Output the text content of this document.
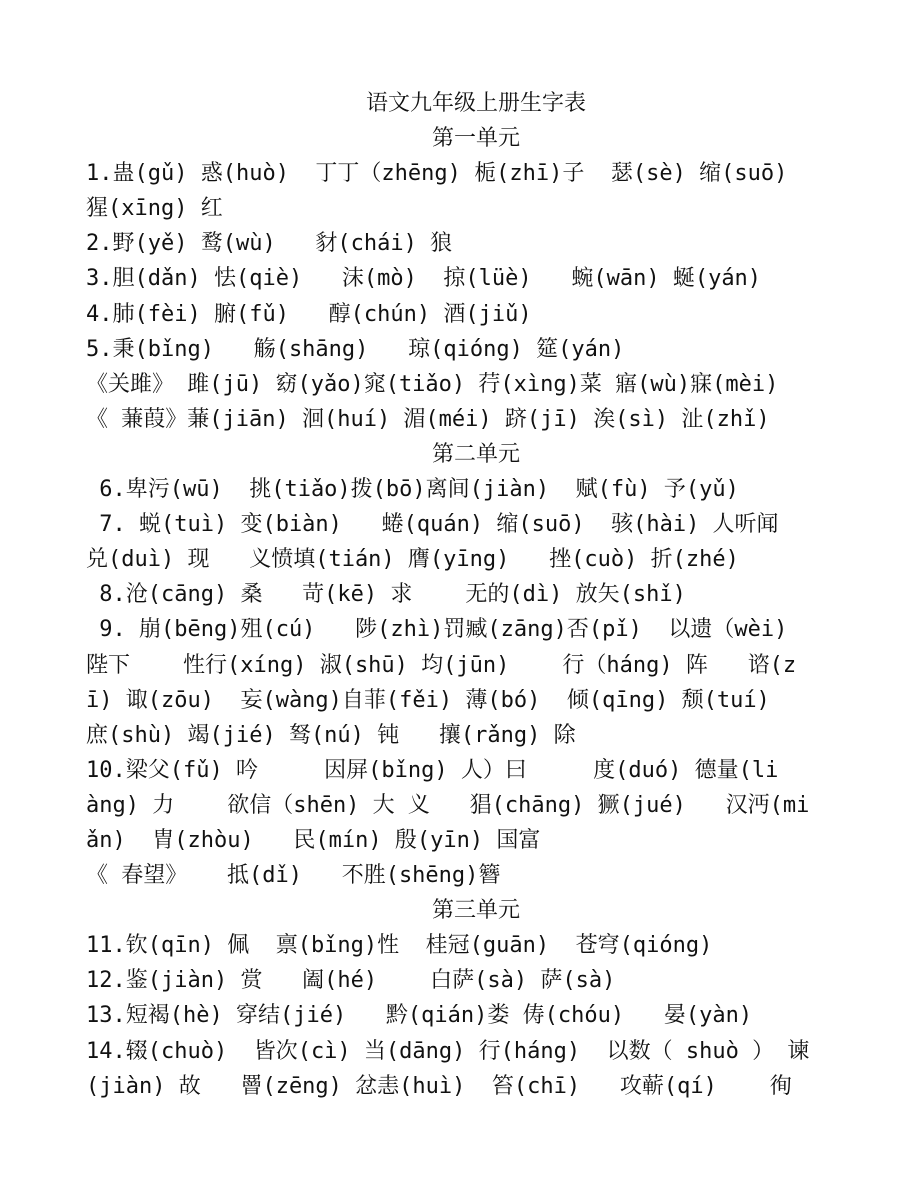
语文九年级上册生字表
第一单元
1.蛊(gǔ) 惑(huò)  丁丁（zhēng) 栀(zhī)子  瑟(sè) 缩(suō)
猩(xīng) 红
2.野(yě) 鹜(wù)   豺(chái) 狼
3.胆(dǎn) 怯(qiè)   沫(mò)  掠(lüè)   蜿(wān) 蜒(yán)
4.肺(fèi) 腑(fǔ)   醇(chún) 酒(jiǔ)
5.秉(bǐng)   觞(shāng)   琼(qióng) 筵(yán)
《关雎》 雎(jū) 窈(yǎo)窕(tiǎo) 荇(xìng)菜 寤(wù)寐(mèi)
《 蒹葭》蒹(jiān) 洄(huí) 湄(méi) 跻(jī) 涘(sì) 沚(zhǐ)
第二单元
6.卑污(wū)  挑(tiǎo)拨(bō)离间(jiàn)  赋(fù) 予(yǔ)
7. 蜕(tuì) 变(biàn)   蜷(quán) 缩(suō)  骇(hài) 人听闻
兑(duì) 现   义愤填(tián) 膺(yīng)   挫(cuò) 折(zhé)
8.沧(cāng) 桑   苛(kē) 求    无的(dì) 放矢(shǐ)
9. 崩(bēng)殂(cú)   陟(zhì)罚臧(zāng)否(pǐ)  以遗（wèi)
陛下    性行(xíng) 淑(shū) 均(jūn)    行（háng) 阵   谘(z
ī) 诹(zōu)  妄(wàng)自菲(fěi) 薄(bó)  倾(qīng) 颓(tuí)
庶(shù) 竭(jié) 驽(nú) 钝   攘(rǎng) 除
10.梁父(fǔ) 吟     因屏(bǐng) 人）曰     度(duó) 德量(li
àng) 力    欲信（shēn) 大 义   猖(chāng) 獗(jué)   汉沔(mi
ǎn)  胄(zhòu)   民(mín) 殷(yīn) 国富
《 春望》   抵(dǐ)   不胜(shēng)簪
第三单元
11.钦(qīn) 佩  禀(bǐng)性  桂冠(guān)  苍穹(qióng)
12.鉴(jiàn) 赏   阖(hé)    白萨(sà) 萨(sà)
13.短褐(hè) 穿结(jié)   黔(qián)娄 俦(chóu)   晏(yàn)
14.辍(chuò)  皆次(cì) 当(dāng) 行(háng)  以数（ shuò ） 谏
(jiàn) 故   罾(zēng) 忿恚(huì)  笞(chī)   攻蕲(qí)    徇
